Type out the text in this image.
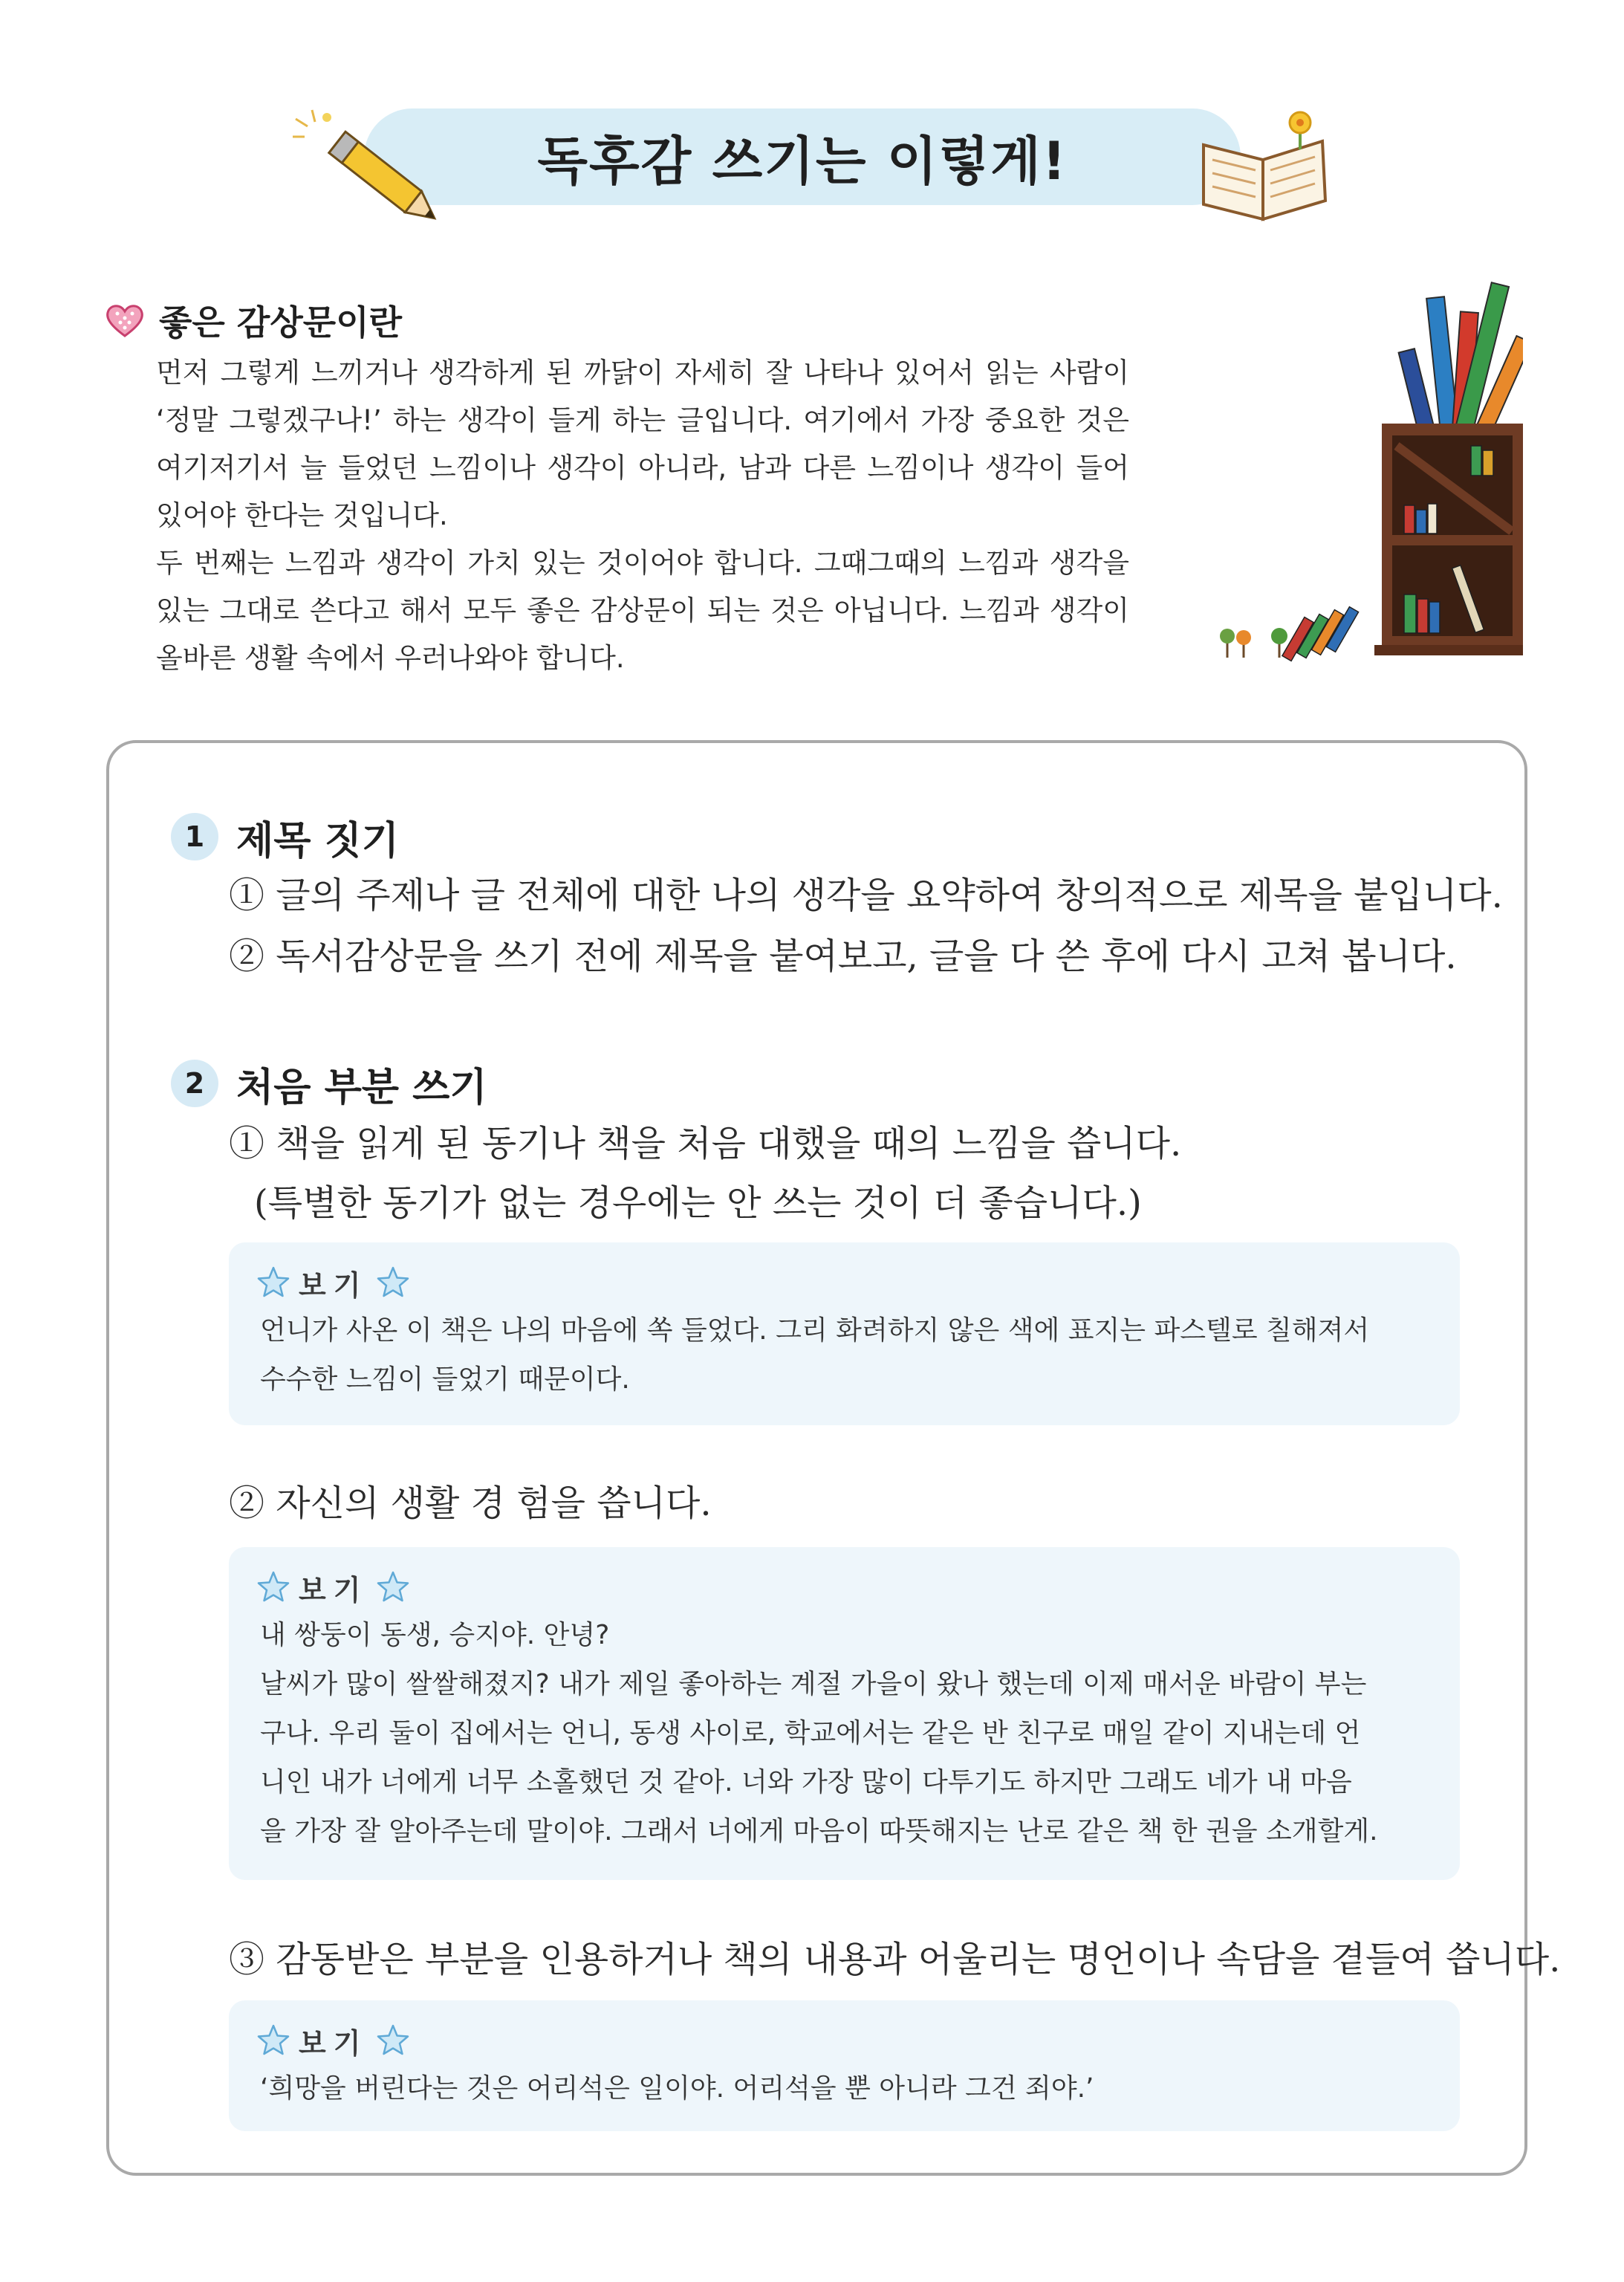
독후감 쓰기는 이렇게!
좋은 감상문이란

먼저 그렇게 느끼거나 생각하게 된 까닭이 자세히 잘 나타나 있어서 읽는 사람이 ‘정말 그렇겠구나!’ 하는 생각이 들게 하는 글입니다. 여기에서 가장 중요한 것은 여기저기서 늘 들었던 느낌이나 생각이 아니라, 남과 다른 느낌이나 생각이 들어 있어야 한다는 것입니다.

두 번째는 느낌과 생각이 가치 있는 것이어야 합니다. 그때그때의 느낌과 생각을 있는 그대로 쓴다고 해서 모두 좋은 감상문이 되는 것은 아닙니다. 느낌과 생각이 올바른 생활 속에서 우러나와야 합니다.

1 제목 짓기
① 글의 주제나 글 전체에 대한 나의 생각을 요약하여 창의적으로 제목을 붙입니다.
② 독서감상문을 쓰기 전에 제목을 붙여보고, 글을 다 쓴 후에 다시 고쳐 봅니다.
2 처음 부분 쓰기
① 책을 읽게 된 동기나 책을 처음 대했을 때의 느낌을 씁니다.
(특별한 동기가 없는 경우에는 안 쓰는 것이 더 좋습니다.)
보기

언니가 사온 이 책은 나의 마음에 쏙 들었다. 그리 화려하지 않은 색에 표지는 파스텔로 칠해져서

수수한 느낌이 들었기 때문이다.

② 자신의 생활 경 험을 씁니다.
보기

내 쌍둥이 동생, 승지야. 안녕?

날씨가 많이 쌀쌀해졌지? 내가 제일 좋아하는 계절 가을이 왔나 했는데 이제 매서운 바람이 부는

구나. 우리 둘이 집에서는 언니, 동생 사이로, 학교에서는 같은 반 친구로 매일 같이 지내는데 언

니인 내가 너에게 너무 소홀했던 것 같아. 너와 가장 많이 다투기도 하지만 그래도 네가 내 마음

을 가장 잘 알아주는데 말이야. 그래서 너에게 마음이 따뜻해지는 난로 같은 책 한 권을 소개할게.

③ 감동받은 부분을 인용하거나 책의 내용과 어울리는 명언이나 속담을 곁들여 씁니다.
보기

‘희망을 버린다는 것은 어리석은 일이야. 어리석을 뿐 아니라 그건 죄야.’
